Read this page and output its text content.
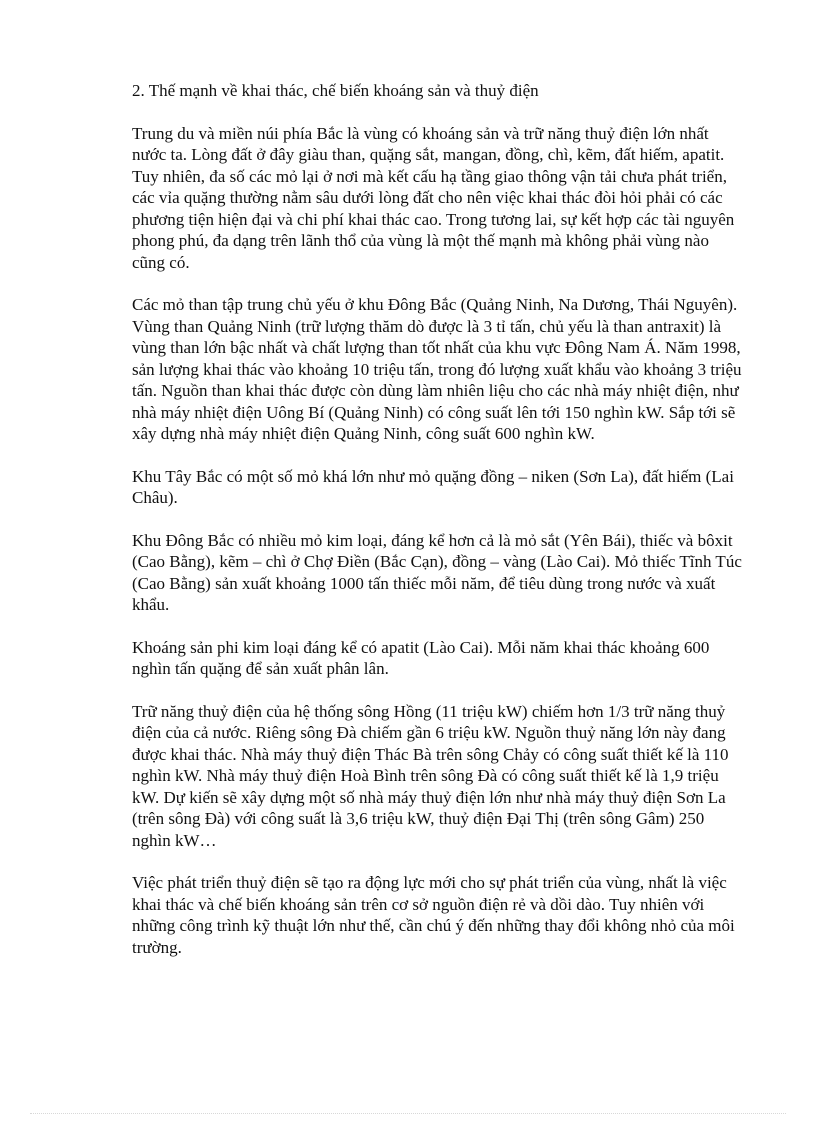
2. Thế mạnh về khai thác, chế biến khoáng sản và thuỷ điện

Trung du và miền núi phía Bắc là vùng có khoáng sản và trữ năng thuỷ điện lớn nhất nước ta. Lòng đất ở đây giàu than, quặng sắt, mangan, đồng, chì, kẽm, đất hiếm, apatit. Tuy nhiên, đa số các mỏ lại ở nơi mà kết cấu hạ tầng giao thông vận tải chưa phát triển, các vỉa quặng thường nằm sâu dưới lòng đất cho nên việc khai thác đòi hỏi phải có các phương tiện hiện đại và chi phí khai thác cao. Trong tương lai, sự kết hợp các tài nguyên phong phú, đa dạng trên lãnh thổ của vùng là một thế mạnh mà không phải vùng nào cũng có.

Các mỏ than tập trung chủ yếu ở khu Đông Bắc (Quảng Ninh, Na Dương, Thái Nguyên). Vùng than Quảng Ninh (trữ lượng thăm dò được là 3 tỉ tấn, chủ yếu là than antraxit) là vùng than lớn bậc nhất và chất lượng than tốt nhất của khu vực Đông Nam Á. Năm 1998, sản lượng khai thác vào khoảng 10 triệu tấn, trong đó lượng xuất khẩu vào khoảng 3 triệu tấn. Nguồn than khai thác được còn dùng làm nhiên liệu cho các nhà máy nhiệt điện, như nhà máy nhiệt điện Uông Bí (Quảng Ninh) có công suất lên tới 150 nghìn kW. Sắp tới sẽ xây dựng nhà máy nhiệt điện Quảng Ninh, công suất 600 nghìn kW.

Khu Tây Bắc có một số mỏ khá lớn như mỏ quặng đồng – niken (Sơn La), đất hiếm (Lai Châu).

Khu Đông Bắc có nhiều mỏ kim loại, đáng kể hơn cả là mỏ sắt (Yên Bái), thiếc và bôxit (Cao Bằng), kẽm – chì ở Chợ Điền (Bắc Cạn), đồng – vàng (Lào Cai). Mỏ thiếc Tĩnh Túc (Cao Bằng) sản xuất khoảng 1000 tấn thiếc mỗi năm, để tiêu dùng trong nước và xuất khẩu.

Khoáng sản phi kim loại đáng kể có apatit (Lào Cai). Mỗi năm khai thác khoảng 600 nghìn tấn quặng để sản xuất phân lân.

Trữ năng thuỷ điện của hệ thống sông Hồng (11 triệu kW) chiếm hơn 1/3 trữ năng thuỷ điện của cả nước. Riêng sông Đà chiếm gần 6 triệu kW. Nguồn thuỷ năng lớn này đang được khai thác. Nhà máy thuỷ điện Thác Bà trên sông Chảy có công suất thiết kế là 110 nghìn kW. Nhà máy thuỷ điện Hoà Bình trên sông Đà có công suất thiết kế là 1,9 triệu kW. Dự kiến sẽ xây dựng một số nhà máy thuỷ điện lớn như nhà máy thuỷ điện Sơn La (trên sông Đà) với công suất là 3,6 triệu kW, thuỷ điện Đại Thị (trên sông Gâm) 250 nghìn kW…

Việc phát triển thuỷ điện sẽ tạo ra động lực mới cho sự phát triển của vùng, nhất là việc khai thác và chế biến khoáng sản trên cơ sở nguồn điện rẻ và dồi dào. Tuy nhiên với những công trình kỹ thuật lớn như thế, cần chú ý đến những thay đổi không nhỏ của môi trường.
